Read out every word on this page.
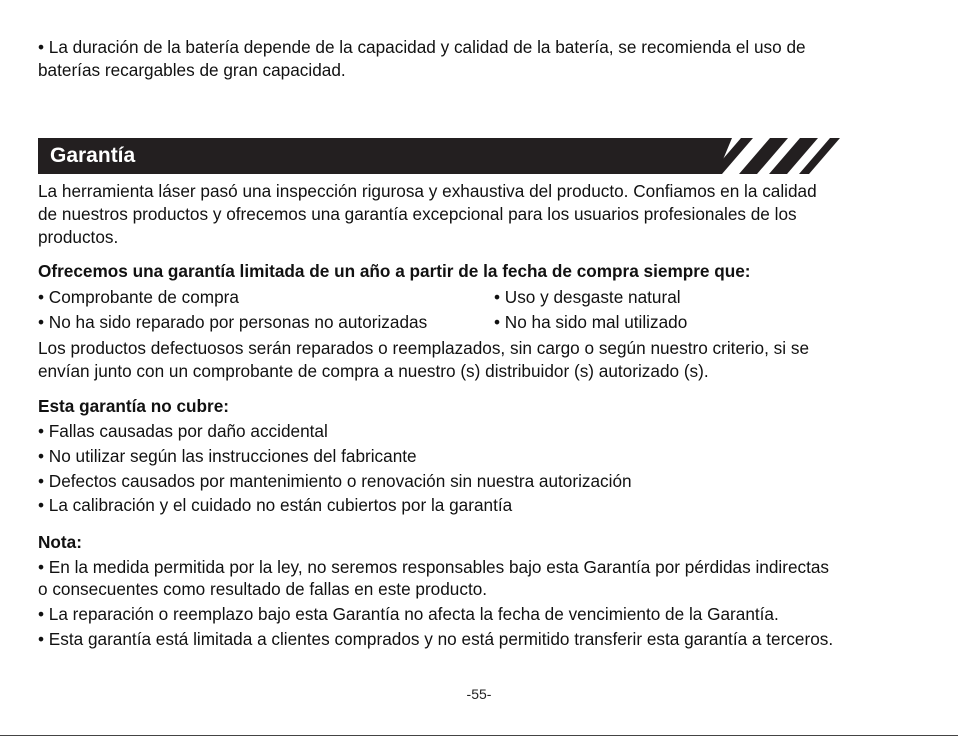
• La duración de la batería depende de la capacidad y calidad de la batería, se recomienda el uso de

baterías recargables de gran capacidad.

Garantía

La herramienta láser pasó una inspección rigurosa y exhaustiva del producto. Confiamos en la calidad

de nuestros productos y ofrecemos una garantía excepcional para los usuarios profesionales de los

productos.

Ofrecemos una garantía limitada de un año a partir de la fecha de compra siempre que:

• Comprobante de compra	• Uso y desgaste natural

• No ha sido reparado por personas no autorizadas	• No ha sido mal utilizado

Los productos defectuosos serán reparados o reemplazados, sin cargo o según nuestro criterio, si se

envían junto con un comprobante de compra a nuestro (s) distribuidor (s) autorizado (s).

Esta garantía no cubre:

• Fallas causadas por daño accidental

• No utilizar según las instrucciones del fabricante

• Defectos causados por mantenimiento o renovación sin nuestra autorización

• La calibración y el cuidado no están cubiertos por la garantía

Nota:

• En la medida permitida por la ley, no seremos responsables bajo esta Garantía por pérdidas indirectas

o consecuentes como resultado de fallas en este producto.

• La reparación o reemplazo bajo esta Garantía no afecta la fecha de vencimiento de la Garantía.

• Esta garantía está limitada a clientes comprados y no está permitido transferir esta garantía a terceros.

-55-
